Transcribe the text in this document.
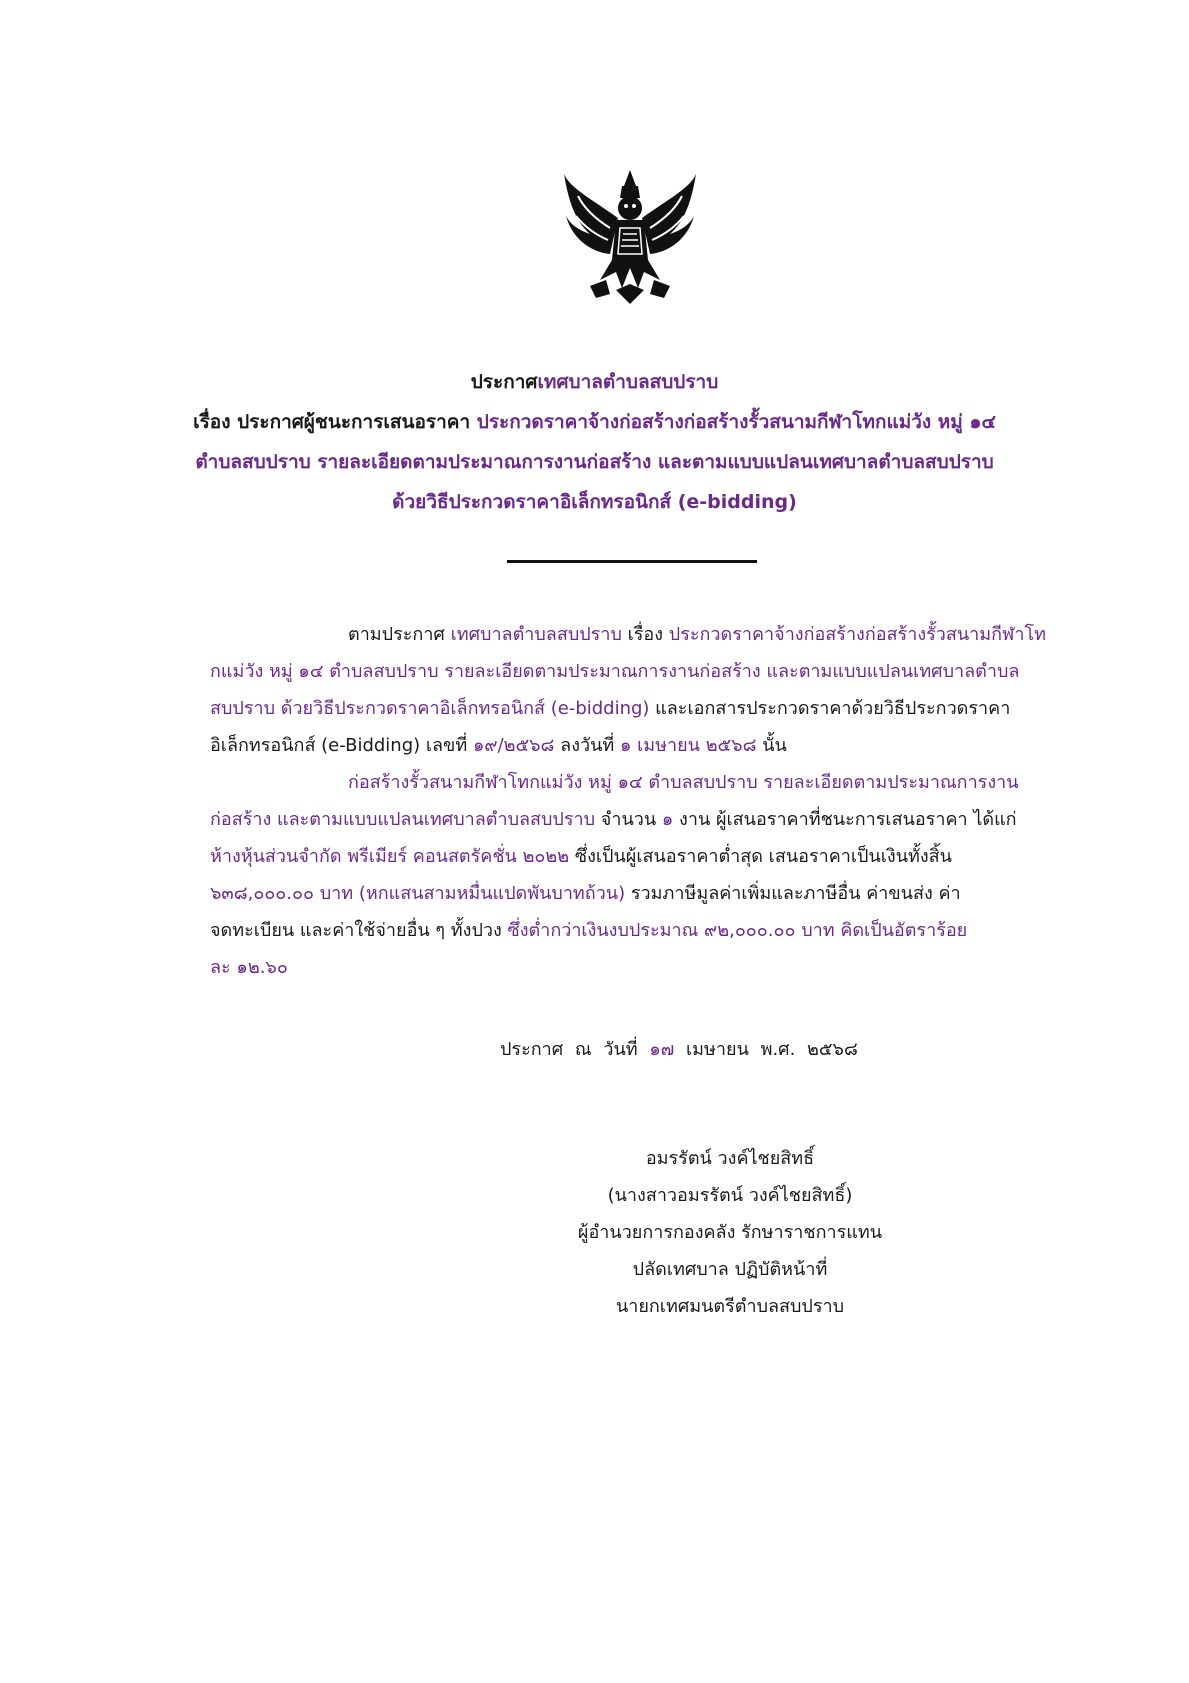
ประกาศเทศบาลตำบลสบปราบ
เรื่อง ประกาศผู้ชนะการเสนอราคา ประกวดราคาจ้างก่อสร้างก่อสร้างรั้วสนามกีฬาโทกแม่วัง หมู่ ๑๔
ตำบลสบปราบ รายละเอียดตามประมาณการงานก่อสร้าง และตามแบบแปลนเทศบาลตำบลสบปราบ
ด้วยวิธีประกวดราคาอิเล็กทรอนิกส์ (e-bidding)
ตามประกาศ เทศบาลตำบลสบปราบ เรื่อง ประกวดราคาจ้างก่อสร้างก่อสร้างรั้วสนามกีฬาโท
กแม่วัง หมู่ ๑๔ ตำบลสบปราบ รายละเอียดตามประมาณการงานก่อสร้าง และตามแบบแปลนเทศบาลตำบล
สบปราบ ด้วยวิธีประกวดราคาอิเล็กทรอนิกส์ (e-bidding) และเอกสารประกวดราคาด้วยวิธีประกวดราคา
อิเล็กทรอนิกส์ (e-Bidding) เลขที่ ๑๙/๒๕๖๘ ลงวันที่ ๑ เมษายน ๒๕๖๘ นั้น
ก่อสร้างรั้วสนามกีฬาโทกแม่วัง หมู่ ๑๔ ตำบลสบปราบ รายละเอียดตามประมาณการงาน
ก่อสร้าง และตามแบบแปลนเทศบาลตำบลสบปราบ จำนวน ๑ งาน ผู้เสนอราคาที่ชนะการเสนอราคา ได้แก่
ห้างหุ้นส่วนจำกัด พรีเมียร์ คอนสตรัคชั่น ๒๐๒๒ ซึ่งเป็นผู้เสนอราคาต่ำสุด เสนอราคาเป็นเงินทั้งสิ้น
๖๓๘,๐๐๐.๐๐ บาท (หกแสนสามหมื่นแปดพันบาทถ้วน) รวมภาษีมูลค่าเพิ่มและภาษีอื่น ค่าขนส่ง ค่า
จดทะเบียน และค่าใช้จ่ายอื่น ๆ ทั้งปวง ซึ่งต่ำกว่าเงินงบประมาณ ๙๒,๐๐๐.๐๐ บาท คิดเป็นอัตราร้อย
ละ ๑๒.๖๐
ประกาศ ณ วันที่ ๑๗ เมษายน พ.ศ. ๒๕๖๘
อมรรัตน์ วงค์ไชยสิทธิ์
(นางสาวอมรรัตน์ วงค์ไชยสิทธิ์)
ผู้อำนวยการกองคลัง รักษาราชการแทน
ปลัดเทศบาล ปฏิบัติหน้าที่
นายกเทศมนตรีตำบลสบปราบ
